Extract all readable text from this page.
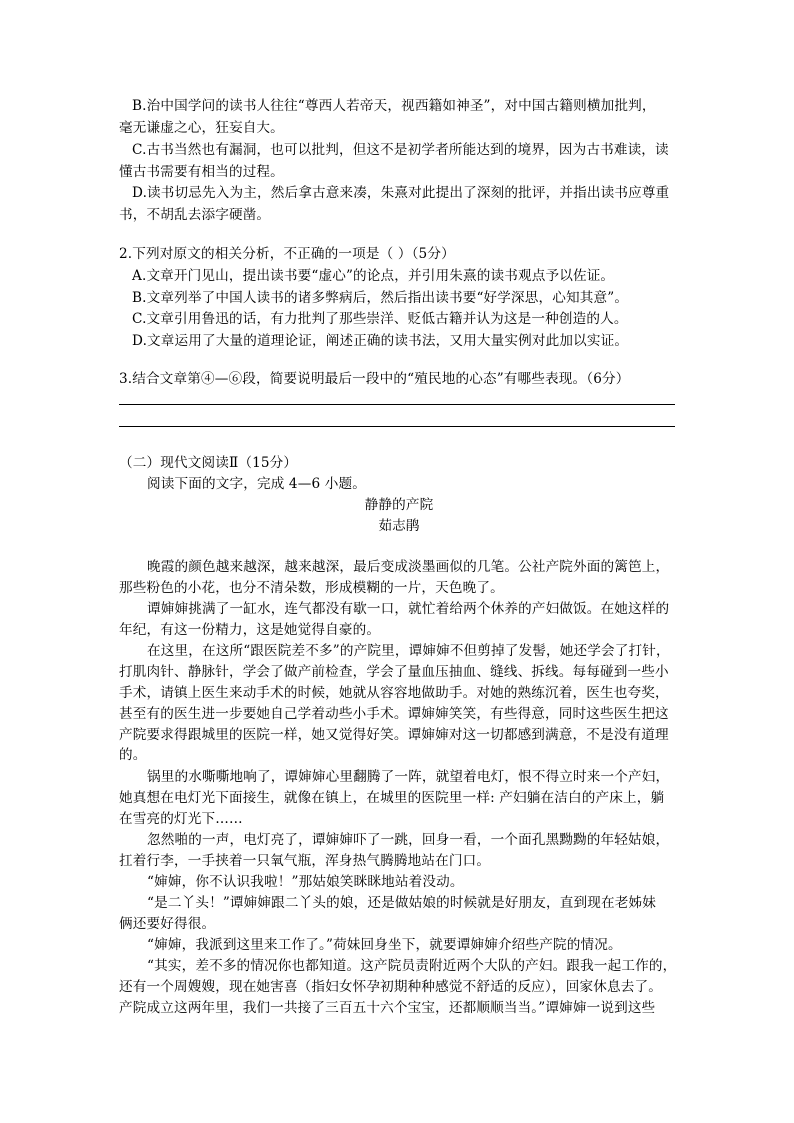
B.治中国学问的读书人往往“尊西人若帝天，视西籍如神圣”，对中国古籍则横加批判，
毫无谦虚之心，狂妄自大。
C.古书当然也有漏洞，也可以批判，但这不是初学者所能达到的境界，因为古书难读，读
懂古书需要有相当的过程。
D.读书切忌先入为主，然后拿古意来凑，朱熹对此提出了深刻的批评，并指出读书应尊重
书，不胡乱去添字硬凿。
2.下列对原文的相关分析，不正确的一项是（ ）（5分）
A.文章开门见山，提出读书要“虚心”的论点，并引用朱熹的读书观点予以佐证。
B.文章列举了中国人读书的诸多弊病后，然后指出读书要“好学深思，心知其意”。
C.文章引用鲁迅的话，有力批判了那些崇洋、贬低古籍并认为这是一种创造的人。
D.文章运用了大量的道理论证，阐述正确的读书法，又用大量实例对此加以实证。
3.结合文章第④—⑥段，简要说明最后一段中的“殖民地的心态”有哪些表现。（6分）
（二）现代文阅读Ⅱ（15分）
阅读下面的文字，完成 4—6 小题。
静静的产院
茹志鹃
晚霞的颜色越来越深，越来越深，最后变成淡墨画似的几笔。公社产院外面的篱笆上，
那些粉色的小花，也分不清朵数，形成模糊的一片，天色晚了。
谭婶婶挑满了一缸水，连气都没有歇一口，就忙着给两个休养的产妇做饭。在她这样的
年纪，有这一份精力，这是她觉得自豪的。
在这里，在这所“跟医院差不多”的产院里，谭婶婶不但剪掉了发髻，她还学会了打针，
打肌肉针、静脉针，学会了做产前检查，学会了量血压抽血、缝线、拆线。每每碰到一些小
手术，请镇上医生来动手术的时候，她就从容容地做助手。对她的熟练沉着，医生也夸奖，
甚至有的医生进一步要她自己学着动些小手术。谭婶婶笑笑，有些得意，同时这些医生把这
产院要求得跟城里的医院一样，她又觉得好笑。谭婶婶对这一切都感到满意，不是没有道理
的。
锅里的水嘶嘶地响了，谭婶婶心里翻腾了一阵，就望着电灯，恨不得立时来一个产妇，
她真想在电灯光下面接生，就像在镇上，在城里的医院里一样: 产妇躺在洁白的产床上，躺
在雪亮的灯光下……
忽然啪的一声，电灯亮了，谭婶婶吓了一跳，回身一看，一个面孔黑黝黝的年轻姑娘，
扛着行李，一手挟着一只氧气瓶，浑身热气腾腾地站在门口。
“婶婶，你不认识我啦！”那姑娘笑眯眯地站着没动。
“是二丫头！”谭婶婶跟二丫头的娘，还是做姑娘的时候就是好朋友，直到现在老姊妹
俩还要好得很。
“婶婶，我派到这里来工作了。”荷妹回身坐下，就要谭婶婶介绍些产院的情况。
“其实，差不多的情况你也都知道。这产院员责附近两个大队的产妇。跟我一起工作的，
还有一个周嫂嫂，现在她害喜（指妇女怀孕初期种种感觉不舒适的反应），回家休息去了。
产院成立这两年里，我们一共接了三百五十六个宝宝，还都顺顺当当。”谭婶婶一说到这些
